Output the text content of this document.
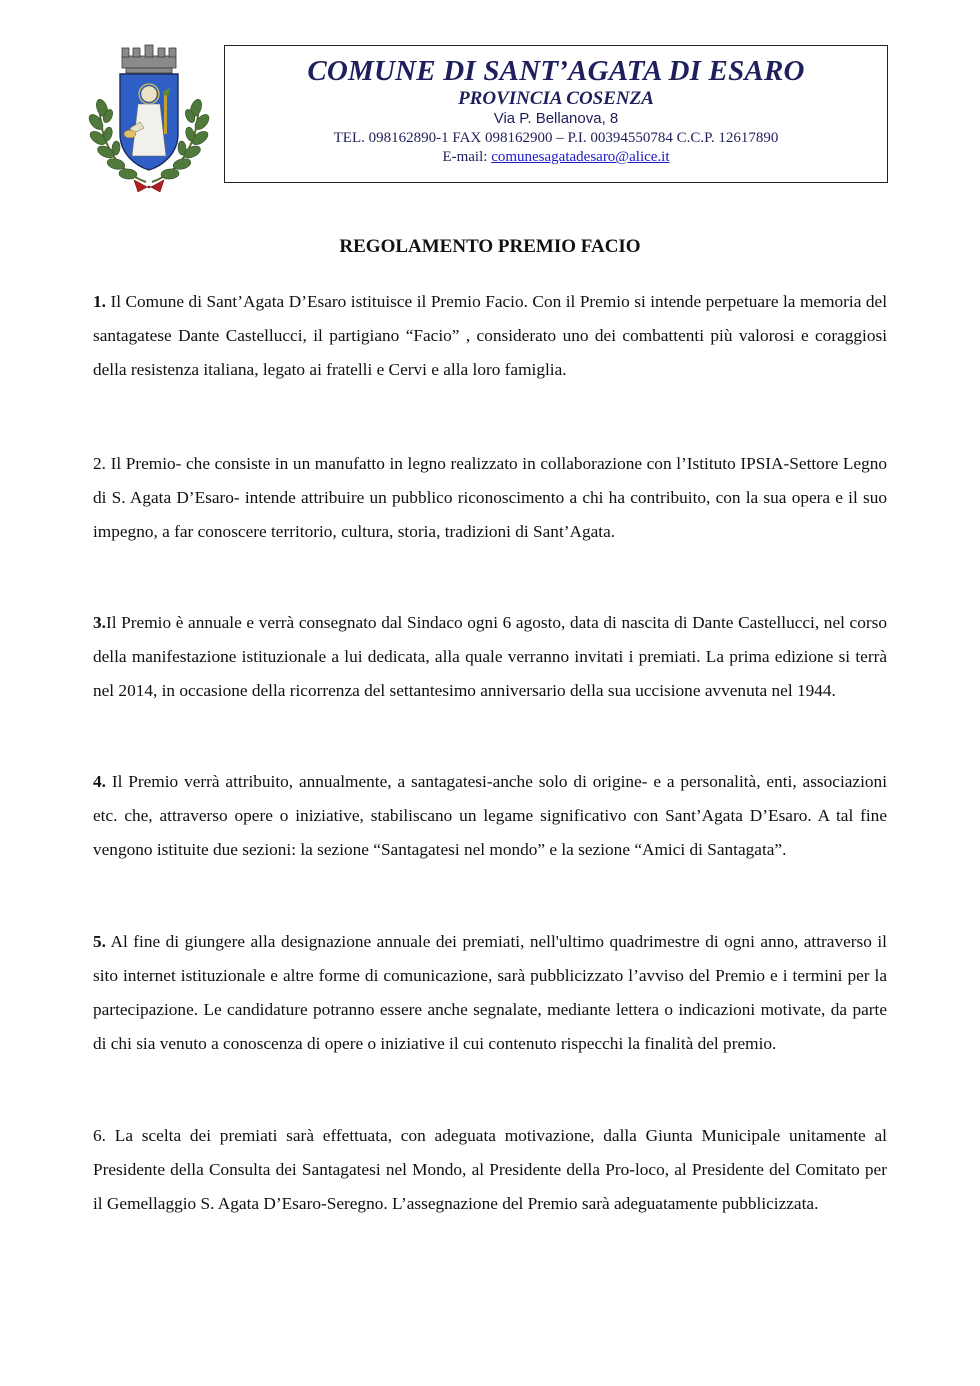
COMUNE DI SANT’AGATA DI ESARO
PROVINCIA COSENZA
Via P. Bellanova, 8
TEL. 098162890-1 FAX 098162900 – P.I. 00394550784 C.C.P. 12617890
E-mail: comunesagatadesaro@alice.it
REGOLAMENTO PREMIO FACIO

1. Il Comune di Sant’Agata D’Esaro istituisce il Premio Facio. Con il Premio si intende perpetuare la memoria del santagatese Dante Castellucci, il partigiano “Facio” , considerato uno dei combattenti più valorosi e coraggiosi della resistenza italiana, legato ai fratelli e Cervi e alla loro famiglia.

2. Il Premio- che consiste in un manufatto in legno realizzato in collaborazione con l’Istituto IPSIA-Settore Legno di S. Agata D’Esaro- intende attribuire un pubblico riconoscimento a chi ha contribuito, con la sua opera e il suo impegno, a far conoscere territorio, cultura, storia, tradizioni di Sant’Agata.

3.Il Premio è annuale e verrà consegnato dal Sindaco ogni 6 agosto, data di nascita di Dante Castellucci, nel corso della manifestazione istituzionale a lui dedicata, alla quale verranno invitati i premiati. La prima edizione si terrà nel 2014, in occasione della ricorrenza del settantesimo anniversario della sua uccisione avvenuta nel 1944.

4. Il Premio verrà attribuito, annualmente, a santagatesi-anche solo di origine- e a personalità, enti, associazioni etc. che, attraverso opere o iniziative, stabiliscano un legame significativo con Sant’Agata D’Esaro. A tal fine vengono istituite due sezioni: la sezione “Santagatesi nel mondo” e la sezione “Amici di Santagata”.

5. Al fine di giungere alla designazione annuale dei premiati, nell'ultimo quadrimestre di ogni anno, attraverso il sito internet istituzionale e altre forme di comunicazione, sarà pubblicizzato l’avviso del Premio e i termini per la partecipazione. Le candidature potranno essere anche segnalate, mediante lettera o indicazioni motivate, da parte di chi sia venuto a conoscenza di opere o iniziative il cui contenuto rispecchi la finalità del premio.

6. La scelta dei premiati sarà effettuata, con adeguata motivazione, dalla Giunta Municipale unitamente al Presidente della Consulta dei Santagatesi nel Mondo, al Presidente della Pro-loco, al Presidente del Comitato per il Gemellaggio S. Agata D’Esaro-Seregno. L’assegnazione del Premio sarà adeguatamente pubblicizzata.
